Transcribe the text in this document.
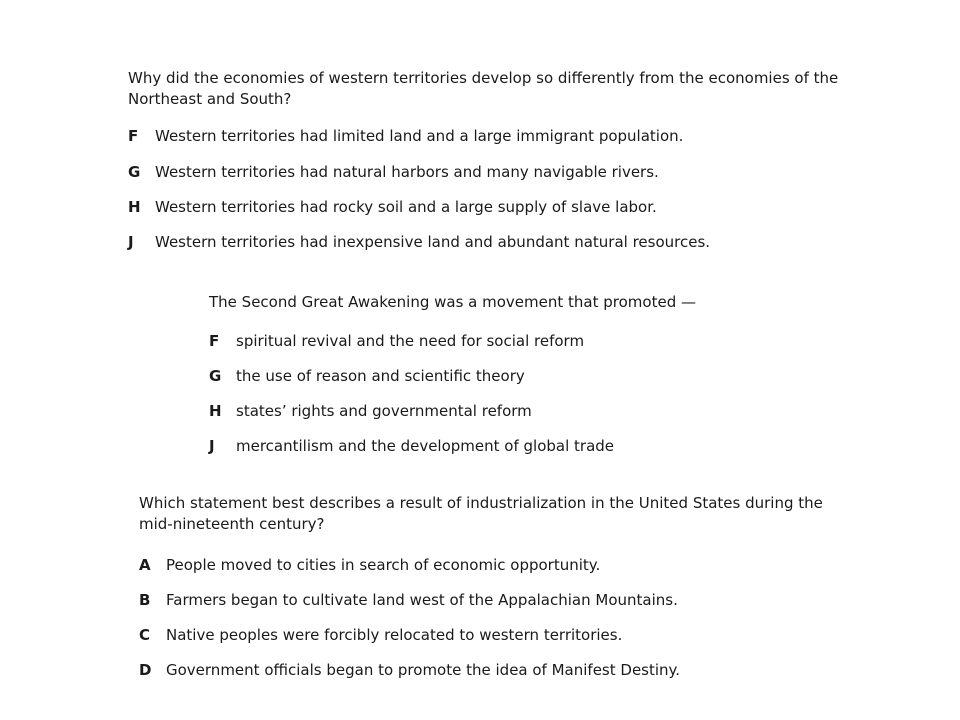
Why did the economies of western territories develop so differently from the economies of the Northeast and South?

F Western territories had limited land and a large immigrant population.
G Western territories had natural harbors and many navigable rivers.
H Western territories had rocky soil and a large supply of slave labor.
J Western territories had inexpensive land and abundant natural resources.

The Second Great Awakening was a movement that promoted —

F spiritual revival and the need for social reform
G the use of reason and scientific theory
H states’ rights and governmental reform
J mercantilism and the development of global trade

Which statement best describes a result of industrialization in the United States during the mid-nineteenth century?

A People moved to cities in search of economic opportunity.
B Farmers began to cultivate land west of the Appalachian Mountains.
C Native peoples were forcibly relocated to western territories.
D Government officials began to promote the idea of Manifest Destiny.
